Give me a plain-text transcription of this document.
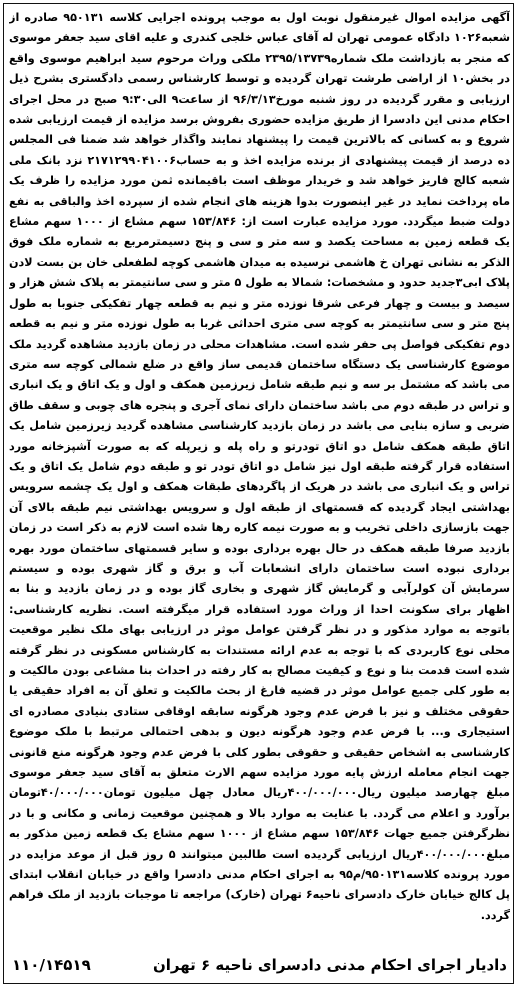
آگهی مزایده اموال غیرمنقول نوبت اول به موجب پرونده اجرایی کلاسه ۹۵۰۱۳۱ صادره از شعبه۱۰۲۶ دادگاه عمومی تهران له آقای عباس خلجی کندری و علیه اقای سید جعفر موسوی که منجر به بازداشت ملک شماره۲۳۹۵/۱۳۷۳۹ ملکی وراث مرحوم سید ابراهیم موسوی واقع در بخش۱۰ از اراضی طرشت تهران گردیده و توسط کارشناس رسمی دادگستری بشرح ذیل ارزیابی و مقرر گردیده در روز شنبه مورخ۹۶/۳/۱۳ از ساعت۹ الی۹:۳۰ صبح در محل اجرای احکام مدنی این دادسرا از طریق مزایده حضوری بفروش برسد مزایده از قیمت ارزیابی شده شروع و به کسانی که بالاترین قیمت را پیشنهاد نمایند واگذار خواهد شد ضمنا فی المجلس ده درصد از قیمت پیشنهادی از برنده مزایده اخذ و به حساب۲۱۷۱۲۹۹۰۴۱۰۰۶ نزد بانک ملی شعبه کالج فاریز خواهد شد و خریدار موظف است باقیمانده ثمن مورد مزایده را ظرف یک ماه پرداخت نماید در غیر اینصورت بدوا هزینه های انجام شده از سپرده اخذ والباقی به نفع دولت ضبط میگردد. مورد مزایده عبارت است از: ۱۵۳/۸۴۶ سهم مشاع از ۱۰۰۰ سهم مشاع یک قطعه زمین به مساحت یکصد و سه متر و سی و پنج دسیمترمربع به شماره ملک فوق الذکر به نشانی تهران خ هاشمی نرسیده به میدان هاشمی کوچه لطفعلی خان بن بست لادن پلاک ابی۳جدید حدود و مشخصات: شمالا به طول ۵ متر و سی سانتیمتر به پلاک شش هزار و سیصد و بیست و چهار فرعی شرقا نوزده متر و نیم به قطعه چهار تفکیکی جنوبا به طول پنج متر و سی سانتیمتر به کوچه سی متری احداثی غربا به طول نوزده متر و نیم به قطعه دوم تفکیکی فواصل پی حفر شده است. مشاهدات محلی در زمان بازدید مشاهده گردید ملک موضوع کارشناسی یک دستگاه ساختمان قدیمی ساز واقع در ضلع شمالی کوچه سه متری می باشد که مشتمل بر سه و نیم طبقه شامل زیرزمین همکف و اول و یک اتاق و یک انباری و تراس در طبقه دوم می باشد ساختمان دارای نمای آجری و پنجره های چوبی و سقف طاق ضربی و سازه بنایی می باشد در زمان بازدید کارشناسی مشاهده گردید زیرزمین شامل یک اتاق طبقه همکف شامل دو اتاق تودرتو و راه پله و زیرپله که به صورت آشپزخانه مورد استفاده قرار گرفته طبقه اول نیز شامل دو اتاق تودر تو و طبقه دوم شامل یک اتاق و یک تراس و یک انباری می باشد در هریک از پاگردهای طبقات همکف و اول یک چشمه سرویس بهداشتی ایجاد گردیده که قسمتهای از طبقه اول و سرویس بهداشتی نیم طبقه بالای آن جهت بازسازی داخلی تخریب و به صورت نیمه کاره رها شده است لازم به ذکر است در زمان بازدید صرفا طبقه همکف در حال بهره برداری بوده و سایر قسمتهای ساختمان مورد بهره برداری نبوده است ساختمان دارای انشعابات آب و برق و گاز شهری بوده و سیستم سرمایش آن کولرآبی و گرمایش گاز شهری و بخاری گاز بوده و در زمان بازدید و بنا به اظهار برای سکونت احدا از وراث مورد استفاده قرار میگرفته است. نظریه کارشناسی: باتوجه به موارد مذکور و در نظر گرفتن عوامل موثر در ارزیابی بهای ملک نظیر موقعیت محلی نوع کاربردی که با توجه به عدم ارائه مستندات به کارشناس مسکونی در نظر گرفته شده است قدمت بنا و نوع و کیفیت مصالح به کار رفته در احداث بنا مشاعی بودن مالکیت و به طور کلی جمیع عوامل موثر در قضیه فارغ از بحث مالکیت و تعلق آن به افراد حقیقی یا حقوقی مختلف و نیز با فرض عدم وجود هرگونه سابقه اوقافی ستادی بنیادی مصادره ای استیجاری و... با فرض عدم وجود هرگونه دیون و بدهی احتمالی مرتبط با ملک موضوع کارشناسی به اشخاص حقیقی و حقوقی بطور کلی با فرض عدم وجود هرگونه منع قانونی جهت انجام معامله ارزش پایه مورد مزایده سهم الارث متعلق به آقای سید جعفر موسوی مبلغ چهارصد میلیون ریال۴۰۰/۰۰۰/۰۰۰ریال معادل چهل میلیون تومان۴۰/۰۰۰/۰۰۰تومان برآورد و اعلام می گردد. با عنایت به موارد بالا و همچنین موقعیت زمانی و مکانی و با در نظرگرفتن جمیع جهات ۱۵۳/۸۴۶ سهم مشاع از ۱۰۰۰ سهم مشاع یک قطعه زمین مذکور به مبلغ۴۰۰/۰۰۰/۰۰۰ریال ارزیابی گردیده است طالبین میتوانند ۵ روز قبل از موعد مزایده در مورد پرونده کلاسه۹۵۰۱۳۱/م۹۵ به اجرای احکام مدنی دادسرا واقع در خیابان انقلاب ابتدای پل کالج خیابان خارک دادسرای ناحیه۶ تهران (خارک) مراجعه تا موجبات بازدید از ملک فراهم گردد.

دادیار اجرای احکام مدنی دادسرای ناحیه ۶ تهران
۱۱۰/۱۴۵۱۹
